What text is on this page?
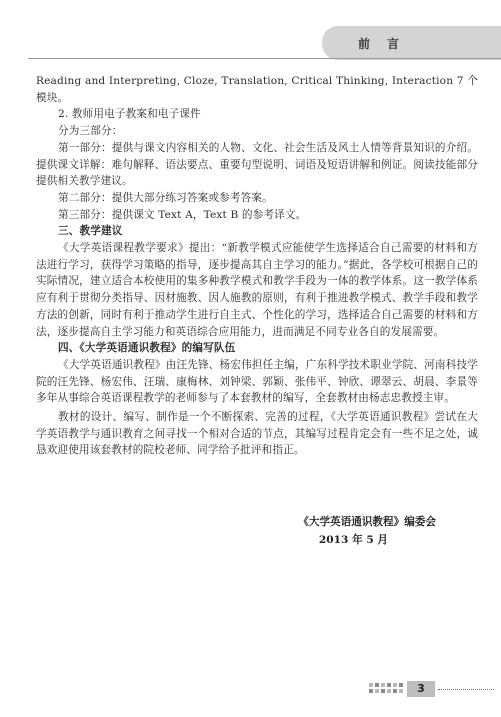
前言

Reading and Interpreting, Cloze, Translation, Critical Thinking, Interaction 7 个模块。

2. 教师用电子教案和电子课件

分为三部分：

第一部分：提供与课文内容相关的人物、文化、社会生活及风土人情等背景知识的介绍。提供课文详解：难句解释、语法要点、重要句型说明、词语及短语讲解和例证。阅读技能部分提供相关教学建议。

第二部分：提供大部分练习答案或参考答案。

第三部分：提供课文 Text A，Text B 的参考译文。

三、教学建议

《大学英语课程教学要求》提出：“新教学模式应能使学生选择适合自己需要的材料和方法进行学习，获得学习策略的指导，逐步提高其自主学习的能力。”据此，各学校可根据自己的实际情况，建立适合本校使用的集多种教学模式和教学手段为一体的教学体系。这一教学体系应有利于贯彻分类指导、因材施教、因人施教的原则，有利于推进教学模式、教学手段和教学方法的创新，同时有利于推动学生进行自主式、个性化的学习，选择适合自己需要的材料和方法，逐步提高自主学习能力和英语综合应用能力，进而满足不同专业各自的发展需要。

四、《大学英语通识教程》的编写队伍

《大学英语通识教程》由汪先锋、杨宏伟担任主编，广东科学技术职业学院、河南科技学院的汪先锋、杨宏伟、汪瑞、康梅林、刘钟梁、郭颖、张伟平、钟欣、谭翠云、胡晨、李景等多年从事综合英语课程教学的老师参与了本套教材的编写，全套教材由杨志忠教授主审。

教材的设计、编写、制作是一个不断探索、完善的过程，《大学英语通识教程》尝试在大学英语教学与通识教育之间寻找一个相对合适的节点，其编写过程肯定会有一些不足之处，诚恳欢迎使用该套教材的院校老师、同学给予批评和指正。

《大学英语通识教程》编委会
2013 年 5 月
3
